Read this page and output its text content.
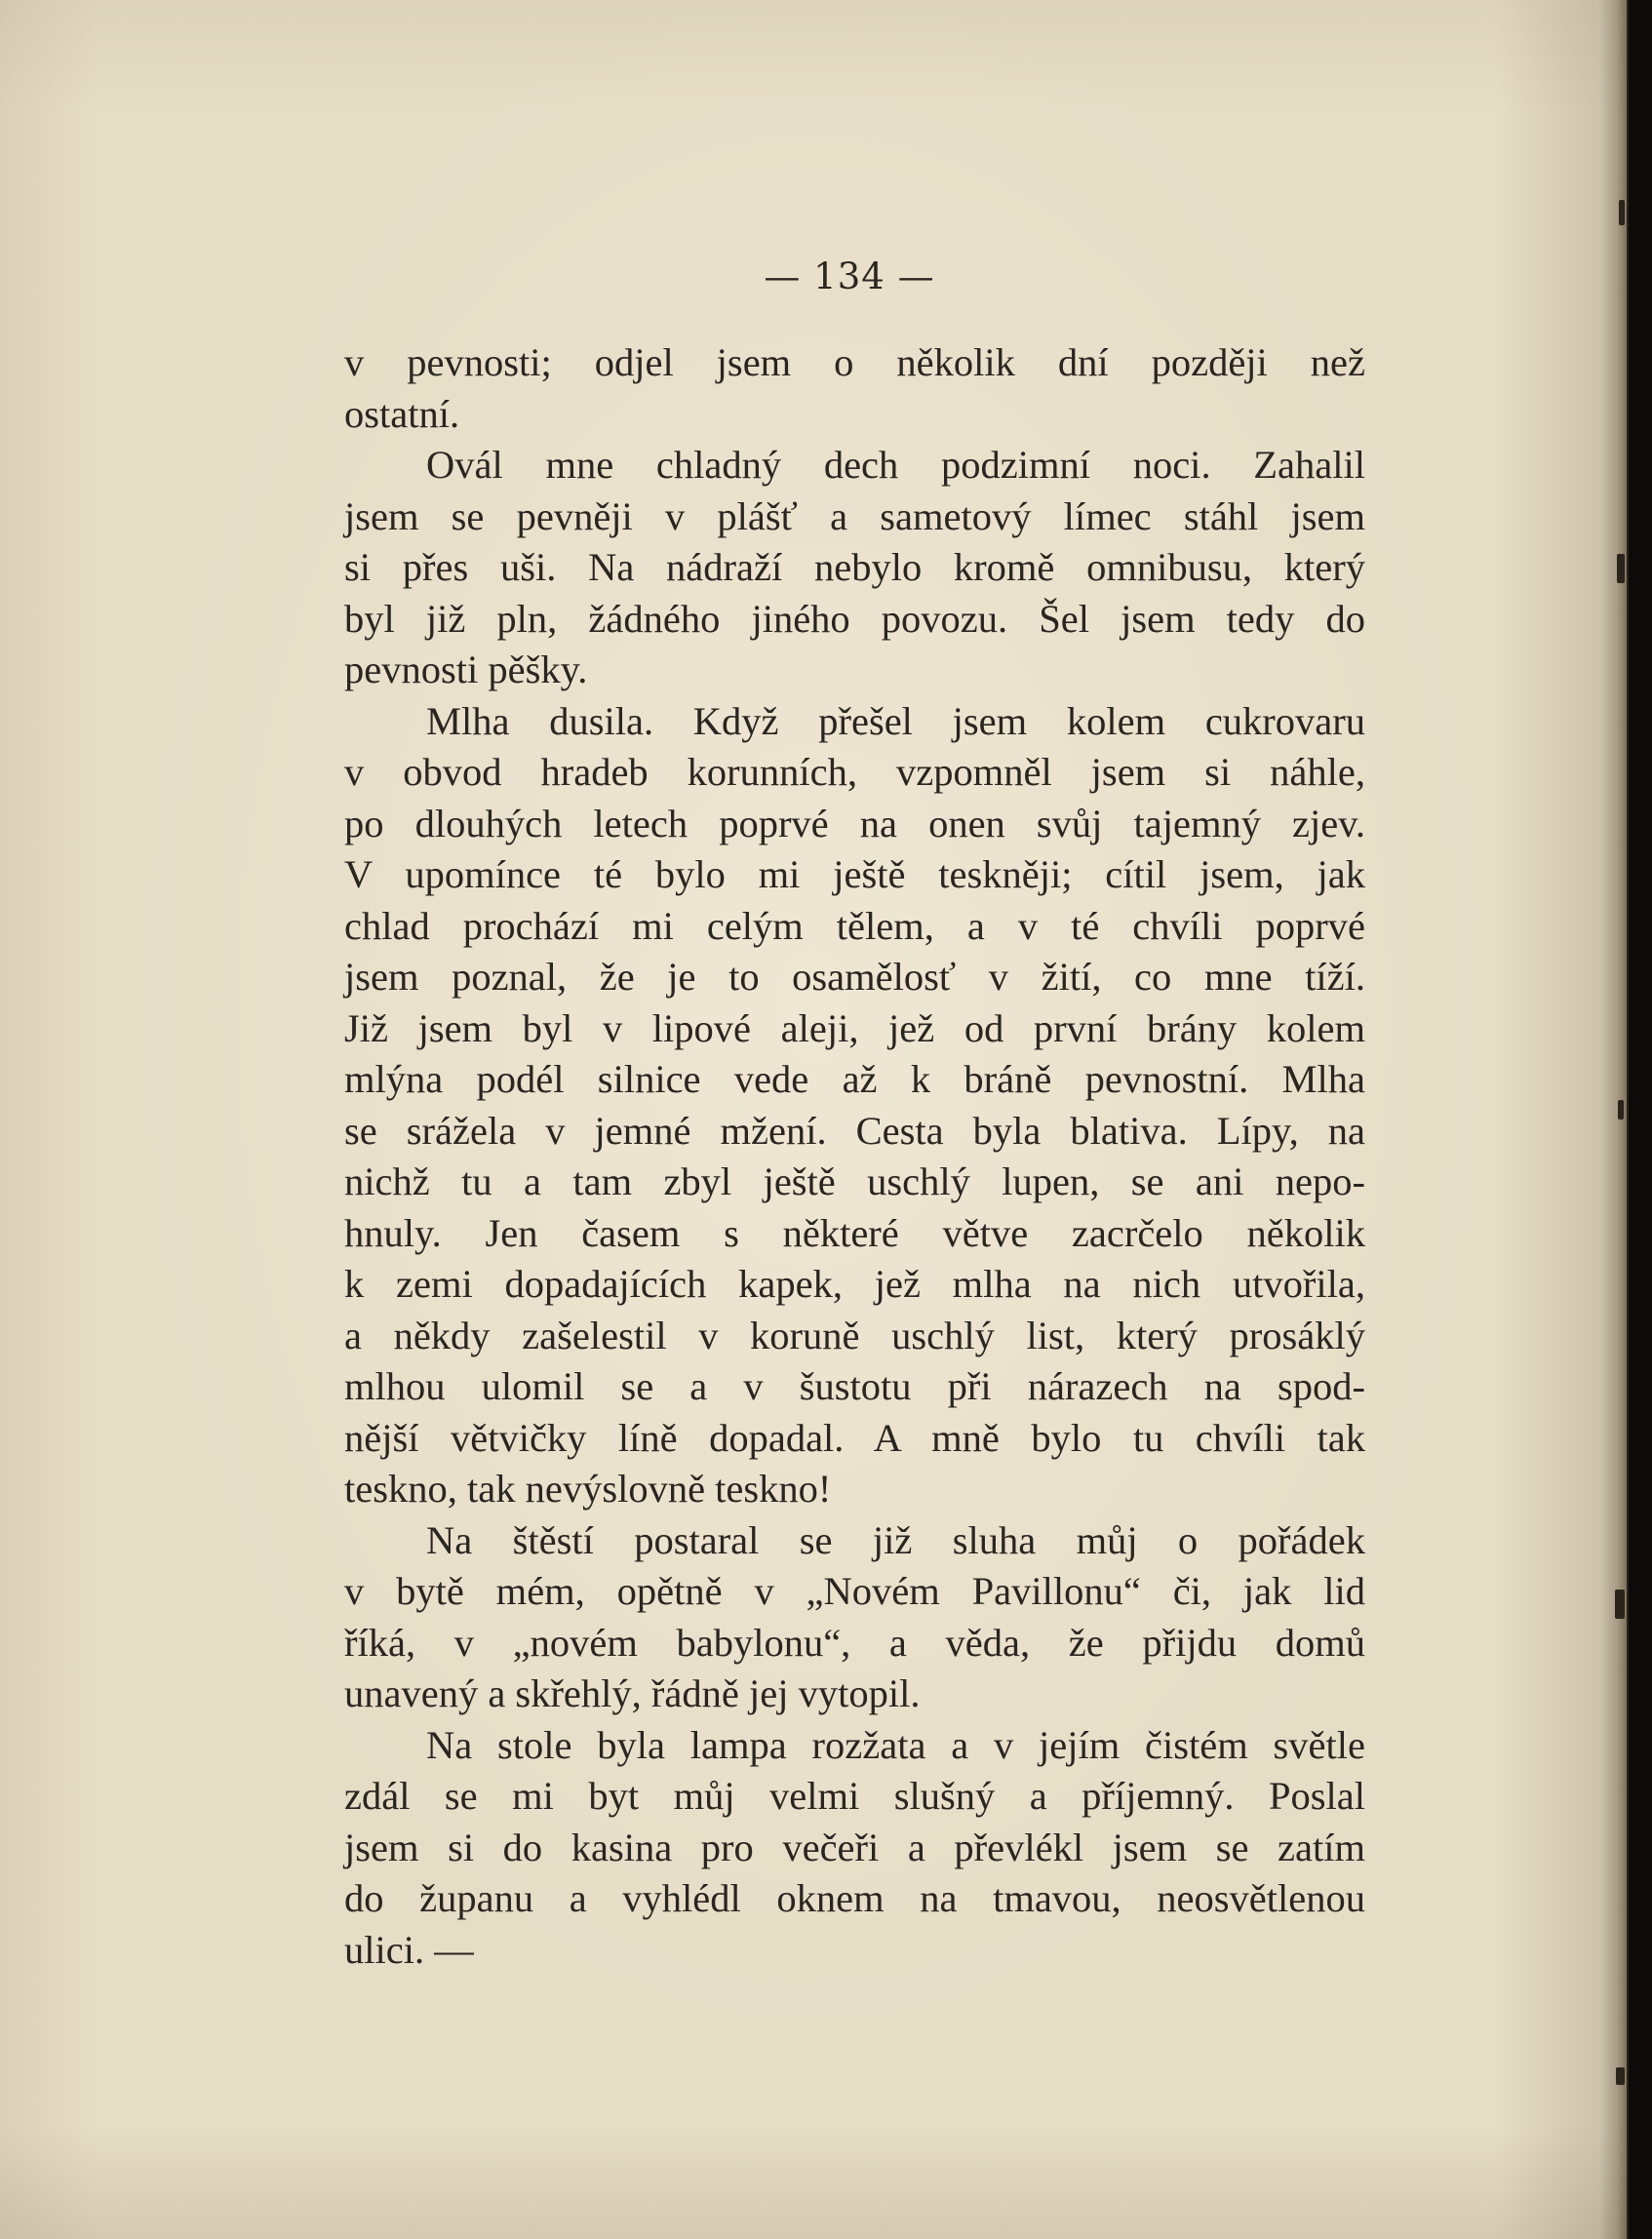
— 134 —
v pevnosti; odjel jsem o několik dní později než
ostatní.
Ovál mne chladný dech podzimní noci. Zahalil
jsem se pevněji v plášť a sametový límec stáhl jsem
si přes uši. Na nádraží nebylo kromě omnibusu, který
byl již pln, žádného jiného povozu. Šel jsem tedy do
pevnosti pěšky.
Mlha dusila. Když přešel jsem kolem cukrovaru
v obvod hradeb korunních, vzpomněl jsem si náhle,
po dlouhých letech poprvé na onen svůj tajemný zjev.
V upomínce té bylo mi ještě teskněji; cítil jsem, jak
chlad prochází mi celým tělem, a v té chvíli poprvé
jsem poznal, že je to osamělosť v žití, co mne tíží.
Již jsem byl v lipové aleji, jež od první brány kolem
mlýna podél silnice vede až k bráně pevnostní. Mlha
se srážela v jemné mžení. Cesta byla blativa. Lípy, na
nichž tu a tam zbyl ještě uschlý lupen, se ani nepo-
hnuly. Jen časem s některé větve zacrčelo několik
k zemi dopadajících kapek, jež mlha na nich utvořila,
a někdy zašelestil v koruně uschlý list, který prosáklý
mlhou ulomil se a v šustotu při nárazech na spod-
nější větvičky líně dopadal. A mně bylo tu chvíli tak
teskno, tak nevýslovně teskno!
Na štěstí postaral se již sluha můj o pořádek
v bytě mém, opětně v „Novém Pavillonu“ či, jak lid
říká, v „novém babylonu“, a věda, že přijdu domů
unavený a skřehlý, řádně jej vytopil.
Na stole byla lampa rozžata a v jejím čistém světle
zdál se mi byt můj velmi slušný a příjemný. Poslal
jsem si do kasina pro večeři a převlékl jsem se zatím
do županu a vyhlédl oknem na tmavou, neosvětlenou
ulici. —
